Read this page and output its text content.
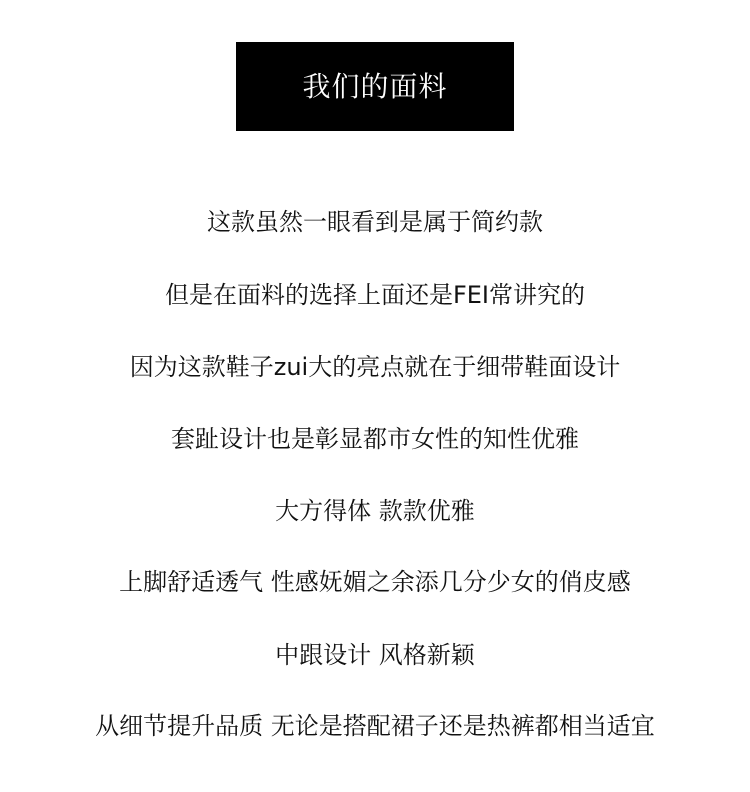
我们的面料
这款虽然一眼看到是属于简约款
但是在面料的选择上面还是FEI常讲究的
因为这款鞋子zui大的亮点就在于细带鞋面设计
套趾设计也是彰显都市女性的知性优雅
大方得体 款款优雅
上脚舒适透气 性感妩媚之余添几分少女的俏皮感
中跟设计 风格新颖
从细节提升品质 无论是搭配裙子还是热裤都相当适宜
